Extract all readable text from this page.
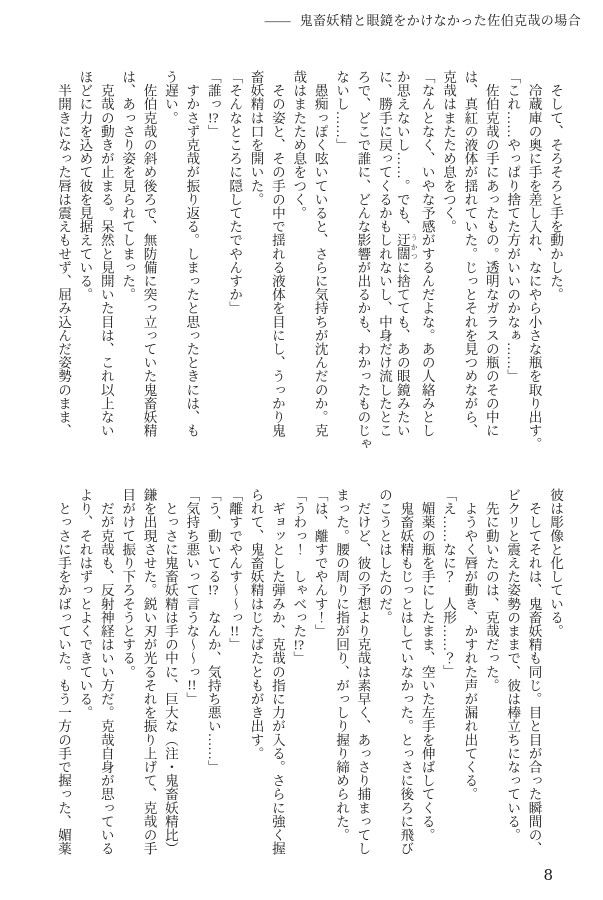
—— 鬼畜妖精と眼鏡をかけなかった佐伯克哉の場合
　そして、そろそろと手を動かした。
　冷蔵庫の奥に手を差し入れ、なにやら小さな瓶を取り出す。
「これ……やっぱり捨てた方がいいのかなぁ……」
　佐伯克哉の手にあったもの。透明なガラスの瓶のその中に
は、真紅の液体が揺れていた。じっとそれを見つめながら、
克哉はまたため息をつく。
「なんとなく、いやな予感がするんだよな。あの人絡みとし
か思えないし……。でも、迂闊 うかつに捨てても、あの眼鏡みたい
に、勝手に戻ってくるかもしれないし、中身だけ流したとこ
ろで、どこで誰に、どんな影響が出るかも、わかったものじゃ
ないし……」
　愚痴っぽく呟いていると、さらに気持ちが沈んだのか。克
哉はまたため息をつく。
　その姿と、その手の中で揺れる液体を目にし、うっかり鬼
畜妖精は口を開いた。
「そんなところに隠してたでやんすか」
「誰っ!?」
　すかさず克哉が振り返る。しまったと思ったときには、も
う遅い。
　佐伯克哉の斜め後ろで、無防備に突っ立っていた鬼畜妖精
は、あっさり姿を見られてしまった。
　克哉の動きが止まる。呆然と見開いた目は、これ以上ない
ほどに力を込めて彼を見据えている。
　半開きになった唇は震えもせず、屈み込んだ姿勢のまま、
彼は彫像と化している。
　そしてそれは、鬼畜妖精も同じ。目と目が合った瞬間の、
ビクリと震えた姿勢のままで、彼は棒立ちになっている。
　先に動いたのは、克哉だった。
　ようやく唇が動き、かすれた声が漏れ出てくる。
「え……なに？　人形……？」
　媚薬の瓶を手にしたまま、空いた左手を伸ばしてくる。
　鬼畜妖精もじっとはしていなかった。とっさに後ろに飛び
のこうとはしたのだ。
　だけど、彼の予想より克哉は素早く、あっさり捕まってし
まった。腰の周りに指が回り、がっしり握り締められた。
「は、離すでやんす！」
「うわっ！　しゃべった!?」
　ギョッとした弾みか、克哉の指に力が入る。さらに強く握
られて、鬼畜妖精はじたばたともがき出す。
「離すでやんす〜〜っ!!」
「う、動いてる!?　なんか、気持ち悪い……」
「気持ち悪いって言うな〜〜っ!!」
　とっさに鬼畜妖精は手の中に、巨大な（注・鬼畜妖精比）
鎌を出現させた。鋭い刃が光るそれを振り上げて、克哉の手
目がけて振り下ろそうとする。
　だが克哉も、反射神経はいい方だ。克哉自身が思っている
より、それはずっとよくできている。
　とっさに手をかばっていた。もう一方の手で握った、媚薬
8
